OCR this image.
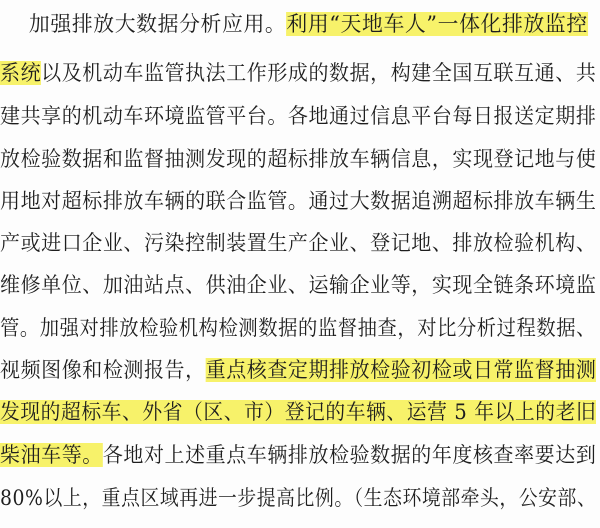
加强排放大数据分析应用。利用“天地车人”一体化排放监控
系统以及机动车监管执法工作形成的数据，构建全国互联互通、共
建共享的机动车环境监管平台。各地通过信息平台每日报送定期排
放检验数据和监督抽测发现的超标排放车辆信息，实现登记地与使
用地对超标排放车辆的联合监管。通过大数据追溯超标排放车辆生
产或进口企业、污染控制装置生产企业、登记地、排放检验机构、
维修单位、加油站点、供油企业、运输企业等，实现全链条环境监
管。加强对排放检验机构检测数据的监督抽查，对比分析过程数据、
视频图像和检测报告，重点核查定期排放检验初检或日常监督抽测
发现的超标车、外省（区、市）登记的车辆、运营 5 年以上的老旧
柴油车等。各地对上述重点车辆排放检验数据的年度核查率要达到
80%以上，重点区域再进一步提高比例。（生态环境部牵头，公安部、
